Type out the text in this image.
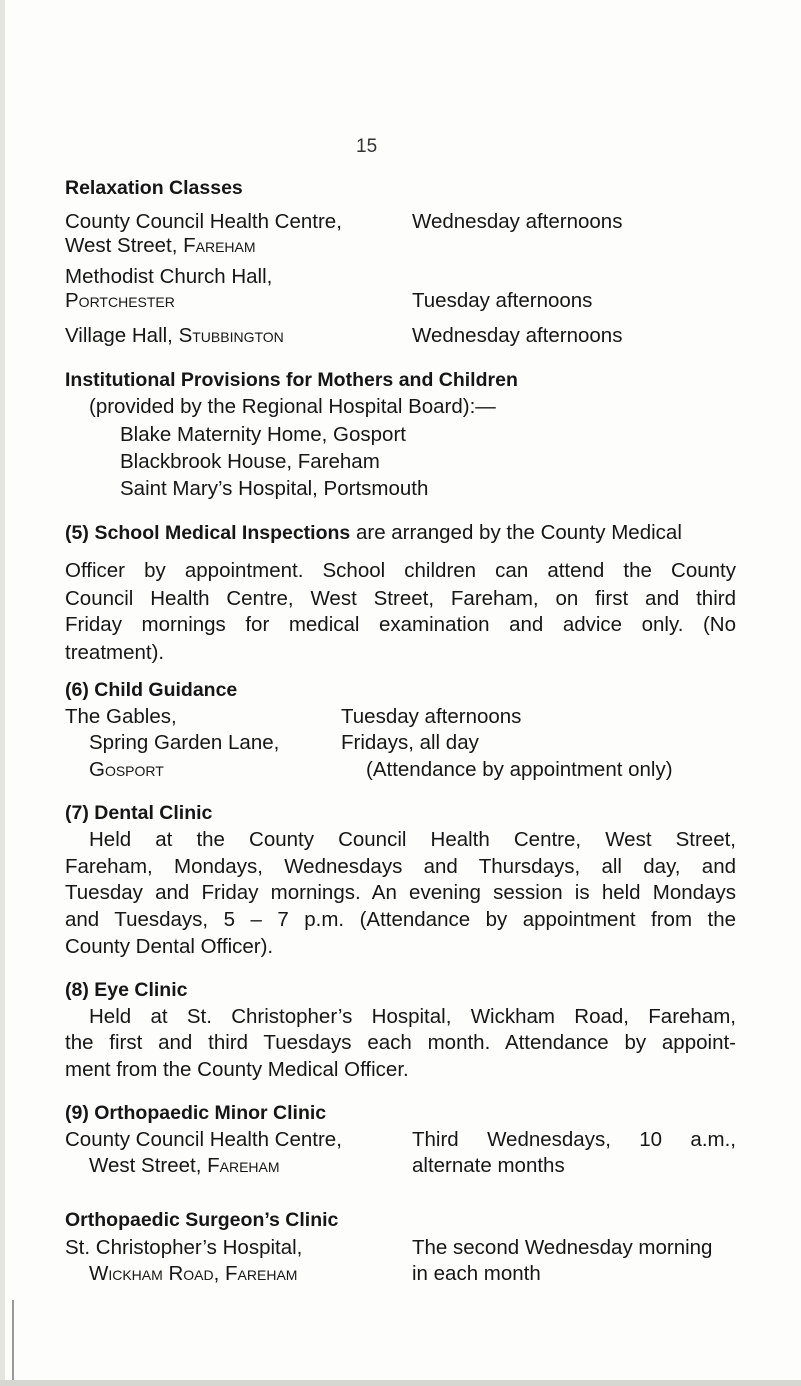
15
Relaxation Classes
County Council Health Centre,
West Street, Fareham
Wednesday afternoons
Methodist Church Hall,
Portchester	Tuesday afternoons
Village Hall, Stubbington	Wednesday afternoons
Institutional Provisions for Mothers and Children
(provided by the Regional Hospital Board):—
Blake Maternity Home, Gosport
Blackbrook House, Fareham
Saint Mary’s Hospital, Portsmouth
(5) School Medical Inspections are arranged by the County Medical
Officer by appointment. School children can attend the County
Council Health Centre, West Street, Fareham, on first and third
Friday mornings for medical examination and advice only. (No
treatment).
(6) Child Guidance
The Gables,
Spring Garden Lane,
Gosport
Tuesday afternoons
Fridays, all day
(Attendance by appointment only)
(7) Dental Clinic
Held at the County Council Health Centre, West Street,
Fareham, Mondays, Wednesdays and Thursdays, all day, and
Tuesday and Friday mornings. An evening session is held Mondays
and Tuesdays, 5 – 7 p.m. (Attendance by appointment from the
County Dental Officer).
(8) Eye Clinic
Held at St. Christopher’s Hospital, Wickham Road, Fareham,
the first and third Tuesdays each month. Attendance by appoint-
ment from the County Medical Officer.
(9) Orthopaedic Minor Clinic
County Council Health Centre,
West Street, Fareham
Third Wednesdays, 10 a.m.,
alternate months
Orthopaedic Surgeon’s Clinic
St. Christopher’s Hospital,
Wickham Road, Fareham
The second Wednesday morning
in each month
